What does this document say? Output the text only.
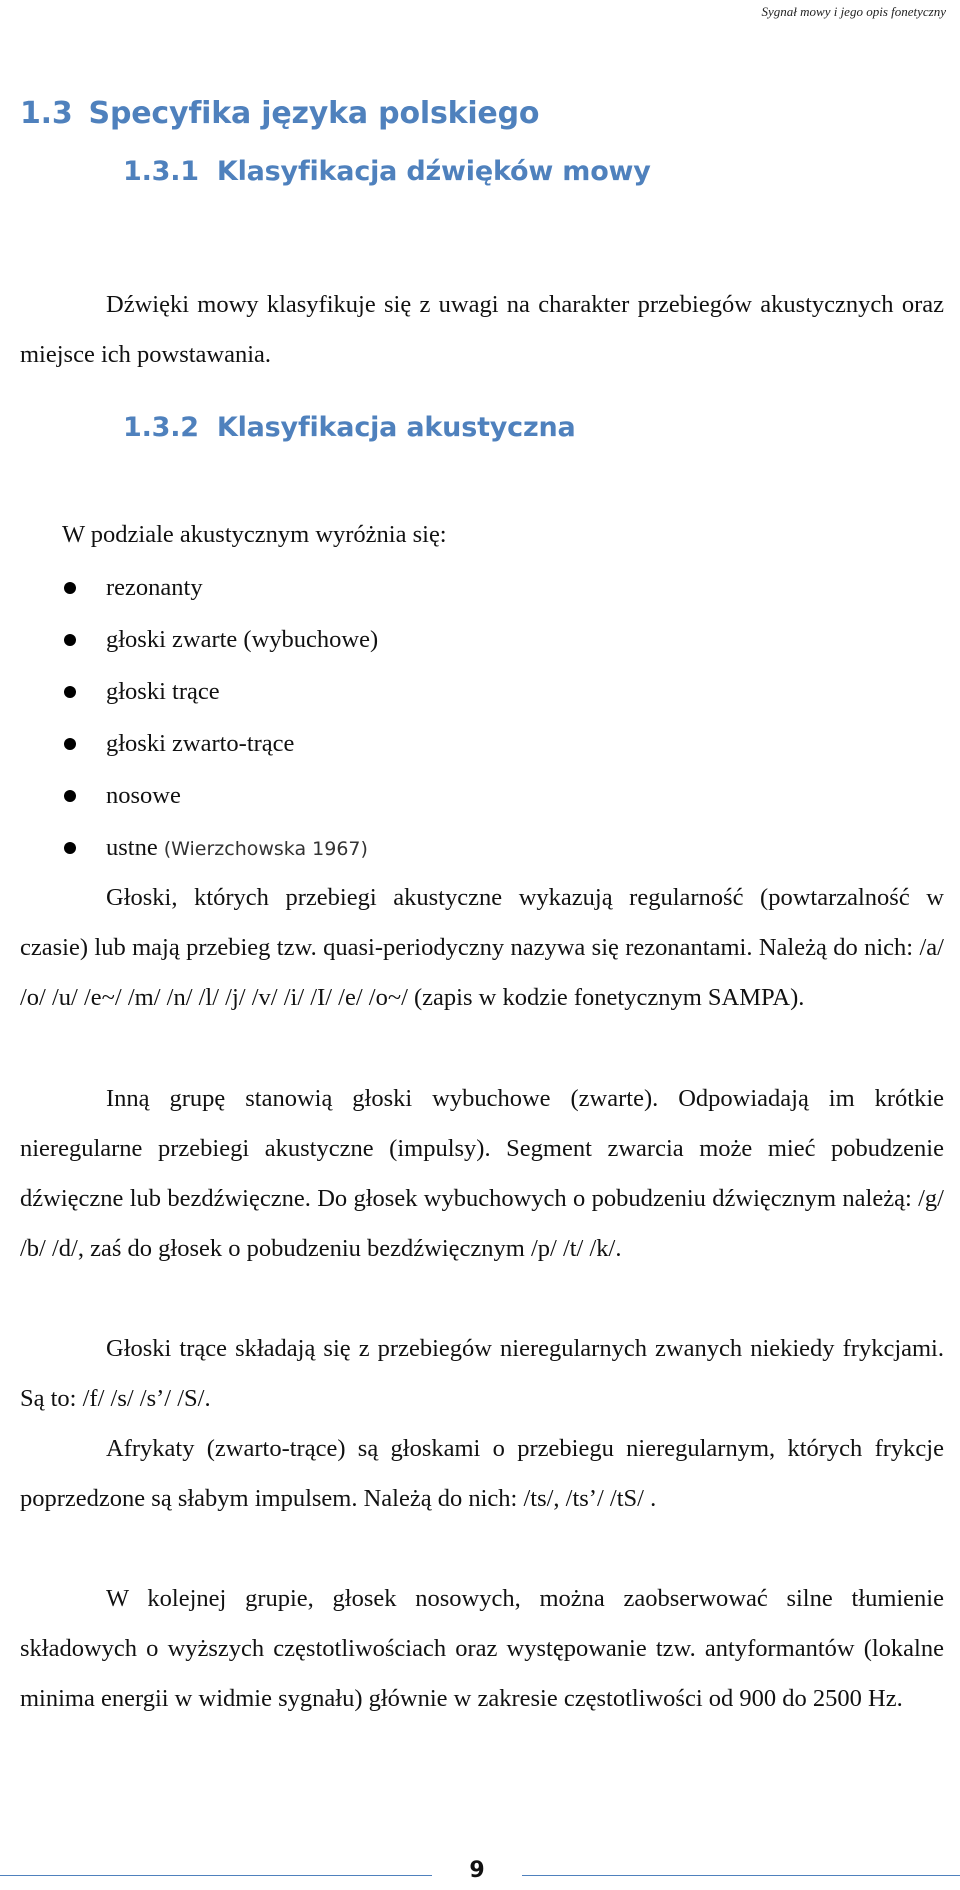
Sygnał mowy i jego opis fonetyczny
1.3 Specyfika języka polskiego
1.3.1 Klasyfikacja dźwięków mowy
Dźwięki mowy klasyfikuje się z uwagi na charakter przebiegów akustycznych oraz miejsce ich powstawania.
1.3.2 Klasyfikacja akustyczna
W podziale akustycznym wyróżnia się:
rezonanty
głoski zwarte (wybuchowe)
głoski trące
głoski zwarto-trące
nosowe
ustne (Wierzchowska 1967)
Głoski, których przebiegi akustyczne wykazują regularność (powtarzalność w czasie) lub mają przebieg tzw. quasi-periodyczny nazywa się rezonantami. Należą do nich: /a/ /o/ /u/ /e~/ /m/ /n/ /l/ /j/ /v/ /i/ /I/ /e/ /o~/ (zapis w kodzie fonetycznym SAMPA).
Inną grupę stanowią głoski wybuchowe (zwarte). Odpowiadają im krótkie nieregularne przebiegi akustyczne (impulsy). Segment zwarcia może mieć pobudzenie dźwięczne lub bezdźwięczne. Do głosek wybuchowych o pobudzeniu dźwięcznym należą: /g/ /b/ /d/, zaś do głosek o pobudzeniu bezdźwięcznym /p/ /t/ /k/.
Głoski trące składają się z przebiegów nieregularnych zwanych niekiedy frykcjami. Są to: /f/ /s/ /s’/ /S/.
Afrykaty (zwarto-trące) są głoskami o przebiegu nieregularnym, których frykcje poprzedzone są słabym impulsem. Należą do nich: /ts/, /ts’/ /tS/ .
W kolejnej grupie, głosek nosowych, można zaobserwować silne tłumienie składowych o wyższych częstotliwościach oraz występowanie tzw. antyformantów (lokalne minima energii w widmie sygnału) głównie w zakresie częstotliwości od 900 do 2500 Hz.
9
